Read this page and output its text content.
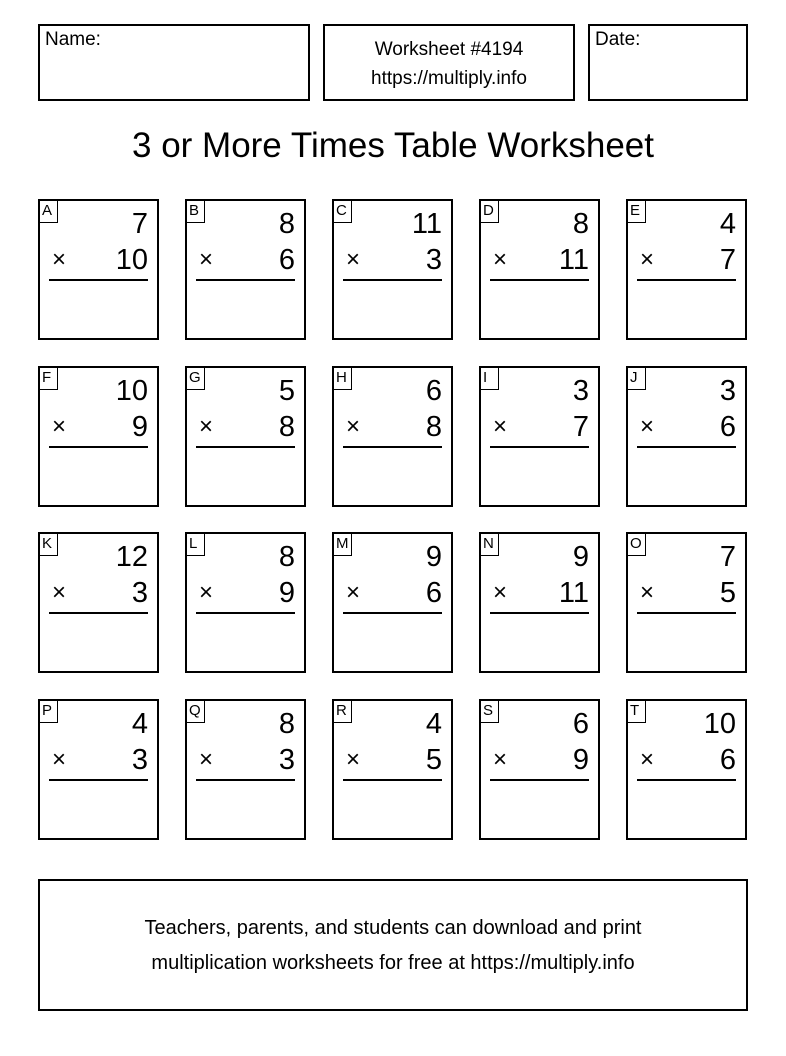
Name:	Worksheet #4194
https://multiply.info
Date:
3 or More Times Table Worksheet
A	7
× 10
B	8
× 6
C 11
× 3
D	8
× 11
E	4
× 7
F 10
× 9
G	5
× 8
H	6
× 8
I	3
× 7
J	3
× 6
K 12
× 3
L	8
× 9
M	9
× 6
N	9
× 11
O	7
× 5
P	4
× 3
Q	8
× 3
R	4
× 5
S	6
× 9
T 10
× 6
Teachers, parents, and students can download and print
multiplication worksheets for free at https://multiply.info
